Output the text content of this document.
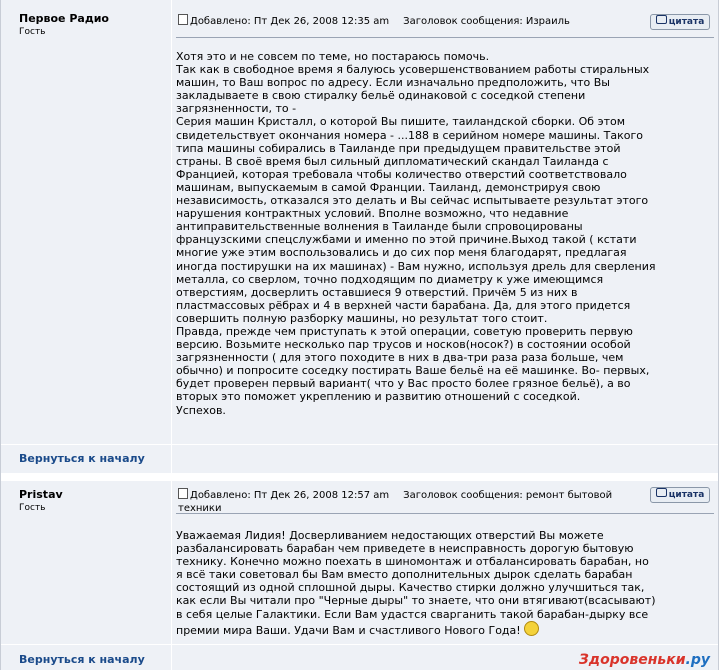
Первое Радио
Гость
Добавлено: Пт Дек 26, 2008 12:35 am Заголовок сообщения: Израиль	цитата
Хотя это и не совсем по теме, но постараюсь помочь.
Так как в свободное время я балуюсь усовершенствованием работы стиральных
машин, то Ваш вопрос по адресу. Если изначально предположить, что Вы
закладываете в свою стиралку бельё одинаковой с соседкой степени
загрязненности, то -
Серия машин Кристалл, о которой Вы пишите, таиландской сборки. Об этом
свидетельствует окончания номера - ...188 в серийном номере машины. Такого
типа машины собирались в Таиланде при предыдущем правительстве этой
страны. В своё время был сильный дипломатический скандал Таиланда с
Францией, которая требовала чтобы количество отверстий соответствовало
машинам, выпускаемым в самой Франции. Таиланд, демонстрируя свою
независимость, отказался это делать и Вы сейчас испытываете результат этого
нарушения контрактных условий. Вполне возможно, что недавние
антиправительственные волнения в Таиланде были спровоцированы
французскими спецслужбами и именно по этой причине.Выход такой ( кстати
многие уже этим воспользовались и до сих пор меня благодарят, предлагая
иногда постирушки на их машинах) - Вам нужно, используя дрель для сверления
металла, со сверлом, точно подходящим по диаметру к уже имеющимся
отверстиям, досверлить оставшиеся 9 отверстий. Причём 5 из них в
пластмассовых рёбрах и 4 в верхней части барабана. Да, для этого придется
совершить полную разборку машины, но результат того стоит.
Правда, прежде чем приступать к этой операции, советую проверить первую
версию. Возьмите несколько пар трусов и носков(носок?) в состоянии особой
загрязненности ( для этого походите в них в два-три раза раза больше, чем
обычно) и попросите соседку постирать Ваше бельё на её машинке. Во- первых,
будет проверен первый вариант( что у Вас просто более грязное бельё), а во
вторых это поможет укреплению и развитию отношений с соседкой.
Успехов.
Вернуться к началу
Pristav
Гость
цитата
Добавлено: Пт Дек 26, 2008 12:57 am Заголовок сообщения: ремонт бытовой техники
Уважаемая Лидия! Досверливанием недостающих отверстий Вы можете
разбалансировать барабан чем приведете в неисправность дорогую бытовую
технику. Конечно можно поехать в шиномонтаж и отбалансировать барабан, но
я всё таки советовал бы Вам вместо дополнительных дырок сделать барабан
состоящий из одной сплошной дыры. Качество стирки должно улучшиться так,
как если Вы читали про "Черные дыры" то знаете, что они втягивают(всасывают)
в себя целые Галактики. Если Вам удастся сварганить такой барабан-дырку все
премии мира Ваши. Удачи Вам и счастливого Нового Года!
Вернуться к началу	Здоровеньки.ру
